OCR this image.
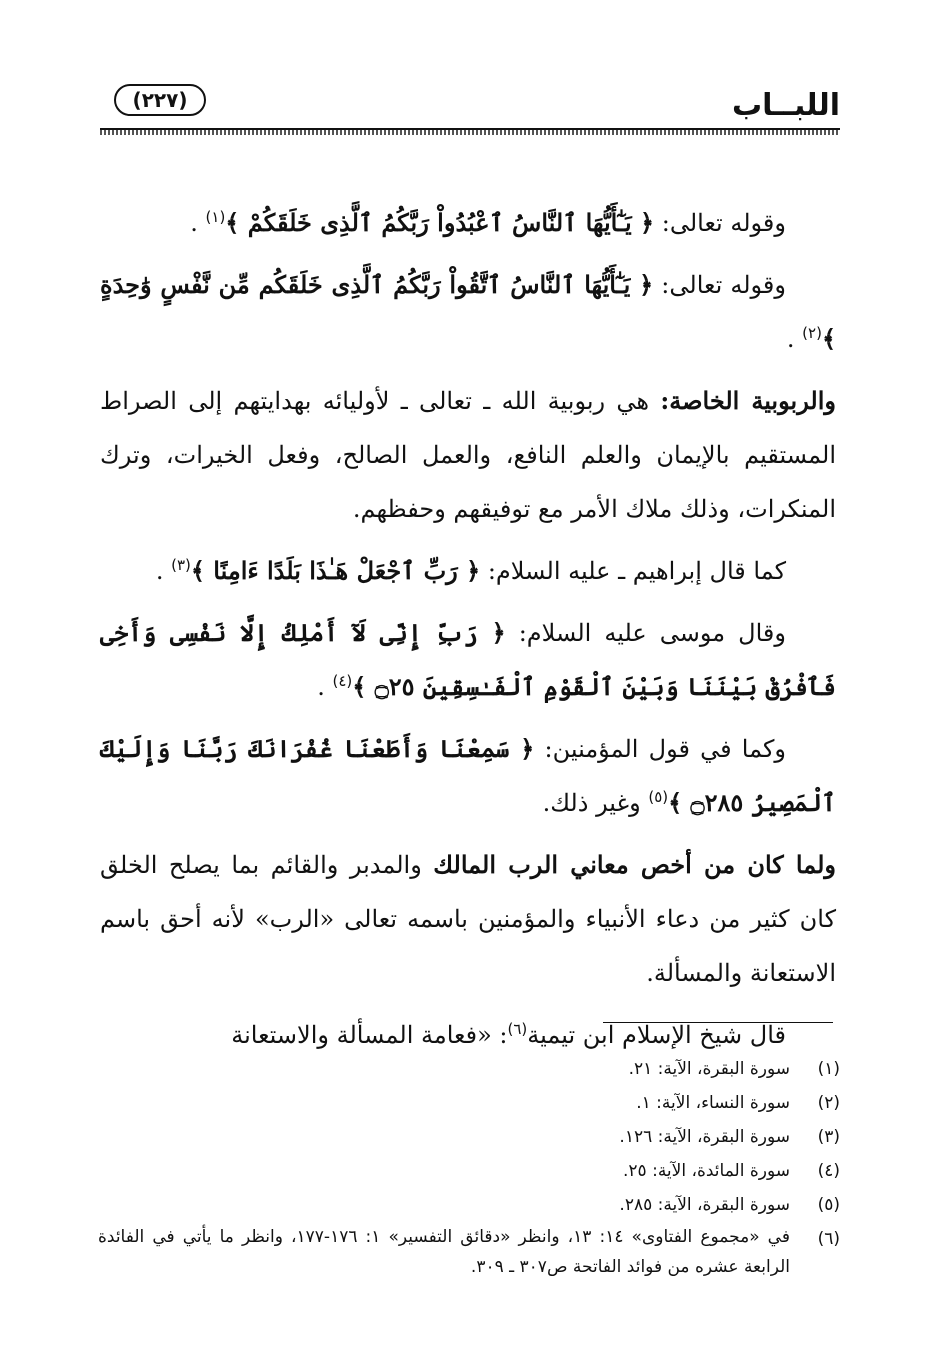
اللبــاب
(٢٢٧)

وقوله تعالى: ﴿ يَـٰٓأَيُّهَا ٱلنَّاسُ ٱعْبُدُواْ رَبَّكُمُ ٱلَّذِى خَلَقَكُمْ ﴾$^{(١)}$ .

وقوله تعالى: ﴿ يَـٰٓأَيُّهَا ٱلنَّاسُ ٱتَّقُواْ رَبَّكُمُ ٱلَّذِى خَلَقَكُم مِّن نَّفْسٍ وَٰحِدَةٍ ﴾$^{(٢)}$ .

والربوبية الخاصة: هي ربوبية الله ـ تعالى ـ لأوليائه بهدايتهم إلى الصراط المستقيم بالإيمان والعلم النافع، والعمل الصالح، وفعل الخيرات، وترك المنكرات، وذلك ملاك الأمر مع توفيقهم وحفظهم.

كما قال إبراهيم ـ عليه السلام: ﴿ رَبِّ ٱجْعَلْ هَـٰذَا بَلَدًا ءَامِنًا ﴾$^{(٣)}$ .

وقال موسى عليه السلام: ﴿ رَبِّ إِنِّى لَآ أَمْلِكُ إِلَّا نَفْسِى وَأَخِى فَٱفْرُقْ بَيْنَنَا وَبَيْنَ ٱلْقَوْمِ ٱلْفَـٰسِقِينَ ۝٢٥ ﴾$^{(٤)}$ .

وكما في قول المؤمنين: ﴿ سَمِعْنَا وَأَطَعْنَا غُفْرَانَكَ رَبَّنَا وَإِلَيْكَ ٱلْمَصِيرُ ۝٢٨٥ ﴾$^{(٥)}$ وغير ذلك.

ولما كان من أخص معاني الرب المالك والمدبر والقائم بما يصلح الخلق كان كثير من دعاء الأنبياء والمؤمنين باسمه تعالى «الرب» لأنه أحق باسم الاستعانة والمسألة.

قال شيخ الإسلام ابن تيمية$^{(٦)}$: «فعامة المسألة والاستعانة

(١)
سورة البقرة، الآية: ٢١.
(٢)
سورة النساء، الآية: ١.
(٣)
سورة البقرة، الآية: ١٢٦.
(٤)
سورة المائدة، الآية: ٢٥.
(٥)
سورة البقرة، الآية: ٢٨٥.
(٦)
في «مجموع الفتاوى» ١٤: ١٣، وانظر «دقائق التفسير» ١: ١٧٦-١٧٧، وانظر ما يأتي في الفائدة الرابعة عشره من فوائد الفاتحة ص٣٠٧ ـ ٣٠٩.
